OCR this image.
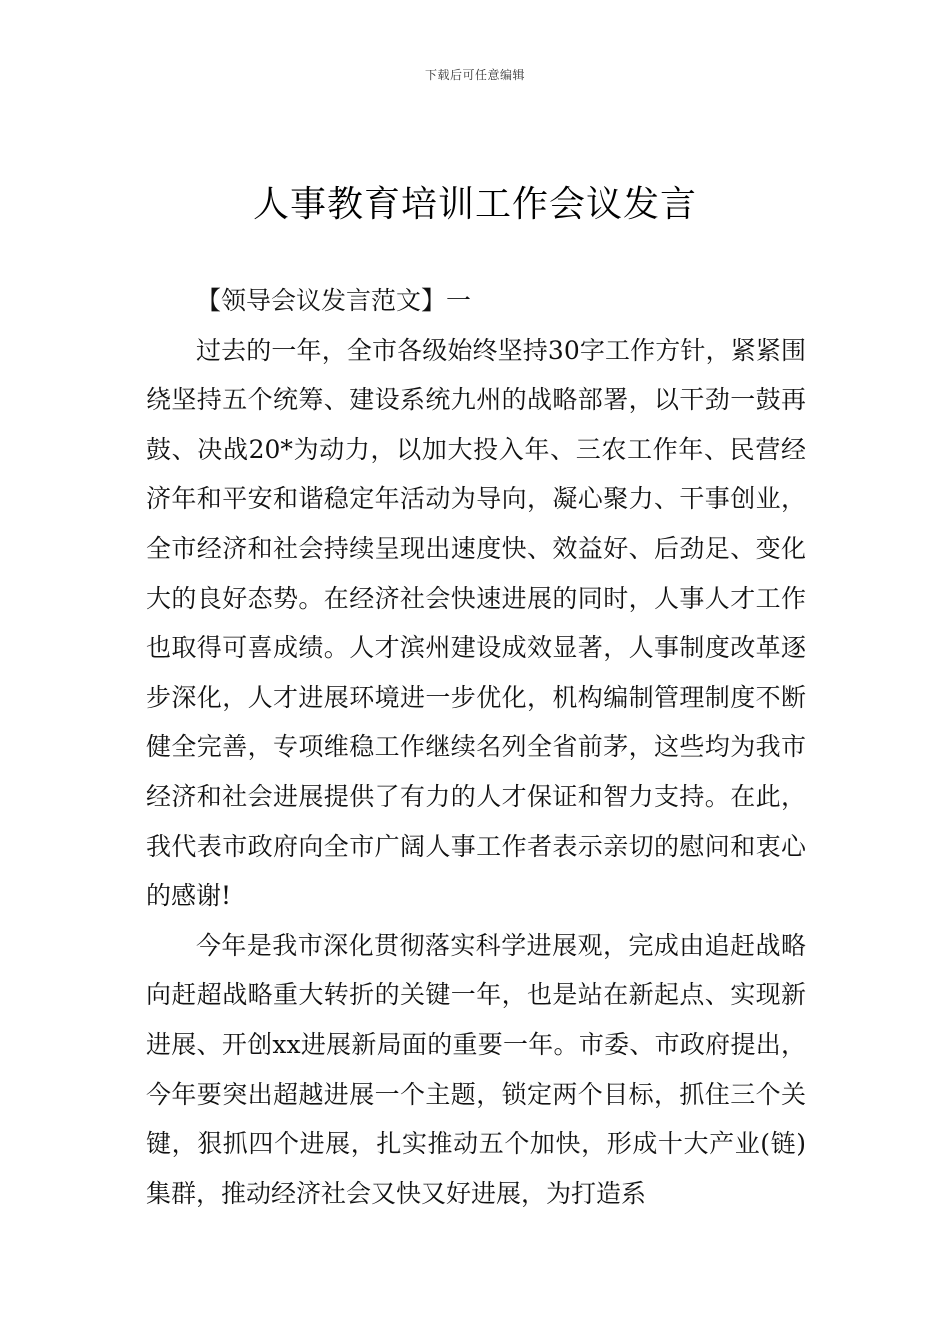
下载后可任意编辑
人事教育培训工作会议发言

【领导会议发言范文】一

过去的一年，全市各级始终坚持30字工作方针，紧紧围绕坚持五个统筹、建设系统九州的战略部署，以干劲一鼓再鼓、决战20*为动力，以加大投入年、三农工作年、民营经济年和平安和谐稳定年活动为导向，凝心聚力、干事创业，全市经济和社会持续呈现出速度快、效益好、后劲足、变化大的良好态势。在经济社会快速进展的同时，人事人才工作也取得可喜成绩。人才滨州建设成效显著，人事制度改革逐步深化，人才进展环境进一步优化，机构编制管理制度不断健全完善，专项维稳工作继续名列全省前茅，这些均为我市经济和社会进展提供了有力的人才保证和智力支持。在此，我代表市政府向全市广阔人事工作者表示亲切的慰问和衷心的感谢!

今年是我市深化贯彻落实科学进展观，完成由追赶战略向赶超战略重大转折的关键一年，也是站在新起点、实现新进展、开创xx进展新局面的重要一年。市委、市政府提出，今年要突出超越进展一个主题，锁定两个目标，抓住三个关键，狠抓四个进展，扎实推动五个加快，形成十大产业(链)集群，推动经济社会又快又好进展，为打造系
